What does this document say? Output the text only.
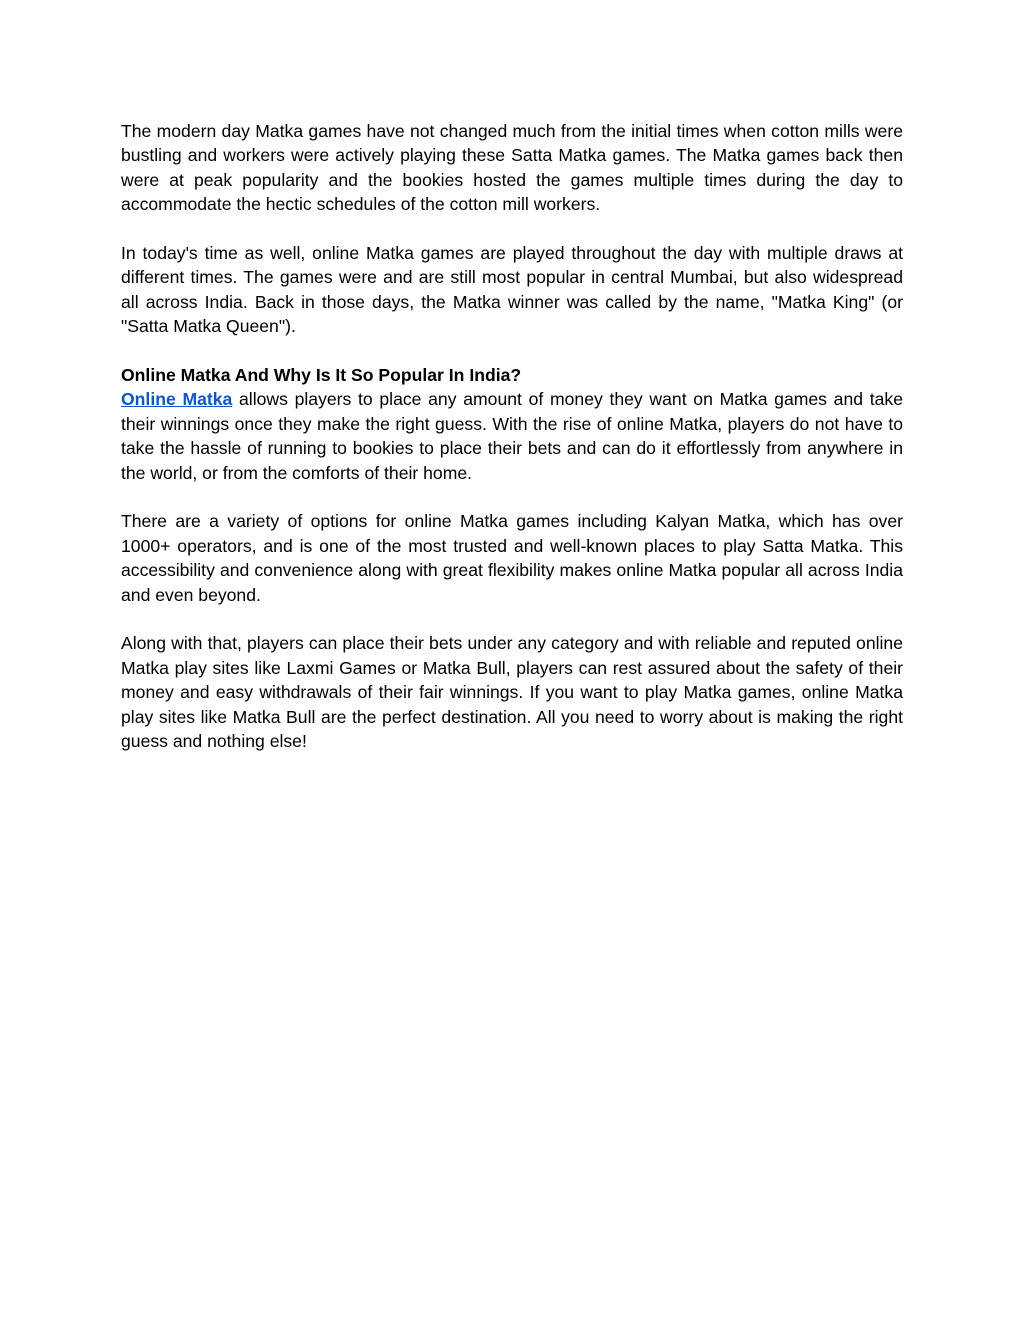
The modern day Matka games have not changed much from the initial times when cotton mills were bustling and workers were actively playing these Satta Matka games. The Matka games back then were at peak popularity and the bookies hosted the games multiple times during the day to accommodate the hectic schedules of the cotton mill workers.

In today's time as well, online Matka games are played throughout the day with multiple draws at different times. The games were and are still most popular in central Mumbai, but also widespread all across India. Back in those days, the Matka winner was called by the name, "Matka King" (or "Satta Matka Queen").

Online Matka And Why Is It So Popular In India?

Online Matka allows players to place any amount of money they want on Matka games and take their winnings once they make the right guess. With the rise of online Matka, players do not have to take the hassle of running to bookies to place their bets and can do it effortlessly from anywhere in the world, or from the comforts of their home.

There are a variety of options for online Matka games including Kalyan Matka, which has over 1000+ operators, and is one of the most trusted and well-known places to play Satta Matka. This accessibility and convenience along with great flexibility makes online Matka popular all across India and even beyond.

Along with that, players can place their bets under any category and with reliable and reputed online Matka play sites like Laxmi Games or Matka Bull, players can rest assured about the safety of their money and easy withdrawals of their fair winnings. If you want to play Matka games, online Matka play sites like Matka Bull are the perfect destination. All you need to worry about is making the right guess and nothing else!
